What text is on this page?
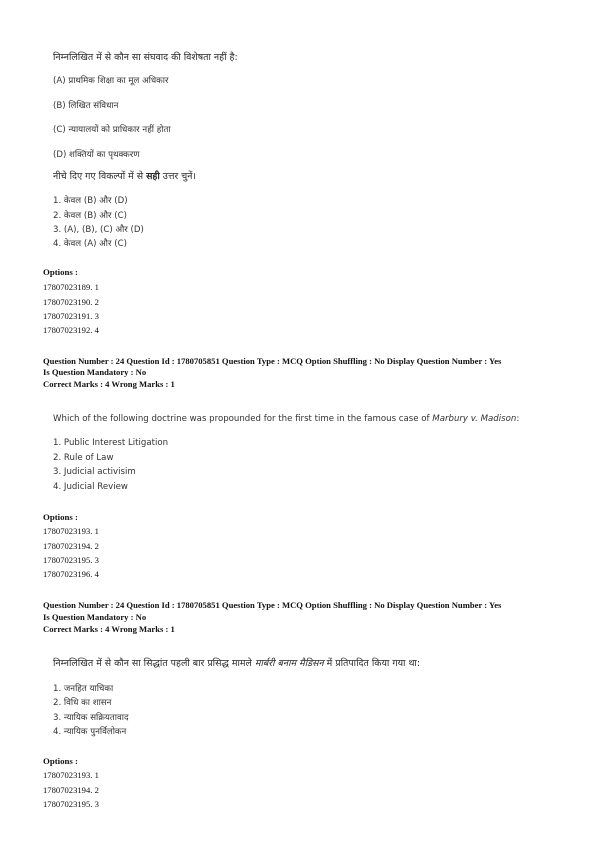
निम्नलिखित में से कौन सा संघवाद की विशेषता नहीं है:
(A) प्राथमिक शिक्षा का मूल अधिकार
(B) लिखित संविधान
(C) न्यायालयों को प्राधिकार नहीं होता
(D) शक्तियों का पृथक्करण
नीचे दिए गए विकल्पों में से सही उत्तर चुनें।
1. केवल (B) और (D)
2. केवल (B) और (C)
3. (A), (B), (C) और (D)
4. केवल (A) और (C)
Options :
17807023189. 1
17807023190. 2
17807023191. 3
17807023192. 4
Question Number : 24 Question Id : 1780705851 Question Type : MCQ Option Shuffling : No Display Question Number : Yes
Is Question Mandatory : No
Correct Marks : 4 Wrong Marks : 1
Which of the following doctrine was propounded for the first time in the famous case of Marbury v. Madison:
1. Public Interest Litigation
2. Rule of Law
3. Judicial activisim
4. Judicial Review
Options :
17807023193. 1
17807023194. 2
17807023195. 3
17807023196. 4
Question Number : 24 Question Id : 1780705851 Question Type : MCQ Option Shuffling : No Display Question Number : Yes
Is Question Mandatory : No
Correct Marks : 4 Wrong Marks : 1
निम्नलिखित में से कौन सा सिद्धांत पहली बार प्रसिद्ध मामले मार्बरी बनाम मैडिसन में प्रतिपादित किया गया था:
1. जनहित याचिका
2. विधि का शासन
3. न्यायिक सक्रियतावाद
4. न्यायिक पुनर्विलोकन
Options :
17807023193. 1
17807023194. 2
17807023195. 3
